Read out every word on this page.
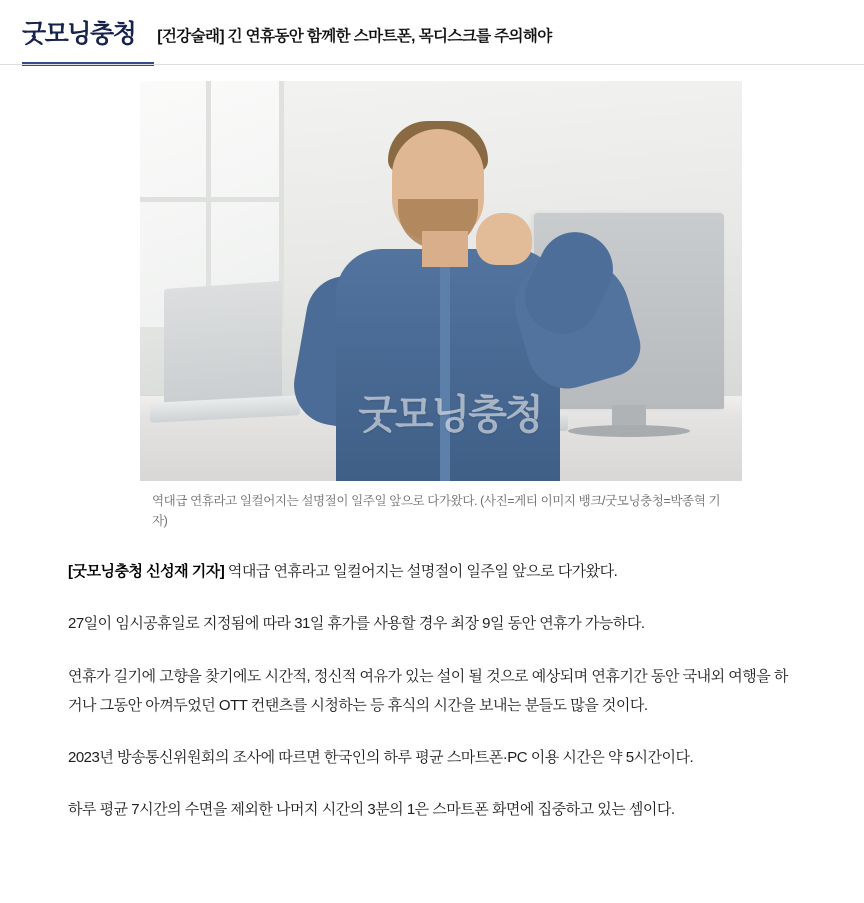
굿모닝충청 [건강술래] 긴 연휴동안 함께한 스마트폰, 목디스크를 주의해야
굿모닝충청
역대급 연휴라고 일컬어지는 설명절이 일주일 앞으로 다가왔다. (사진=게티 이미지 뱅크/굿모닝충청=박종혁 기자)

[굿모닝충청 신성재 기자] 역대급 연휴라고 일컬어지는 설명절이 일주일 앞으로 다가왔다.

27일이 임시공휴일로 지정됨에 따라 31일 휴가를 사용할 경우 최장 9일 동안 연휴가 가능하다.

연휴가 길기에 고향을 찾기에도 시간적, 정신적 여유가 있는 설이 될 것으로 예상되며 연휴기간 동안 국내외 여행을 하거나 그동안 아껴두었던 OTT 컨탠츠를 시청하는 등 휴식의 시간을 보내는 분들도 많을 것이다.

2023년 방송통신위원회의 조사에 따르면 한국인의 하루 평균 스마트폰·PC 이용 시간은 약 5시간이다.

하루 평균 7시간의 수면을 제외한 나머지 시간의 3분의 1은 스마트폰 화면에 집중하고 있는 셈이다.
